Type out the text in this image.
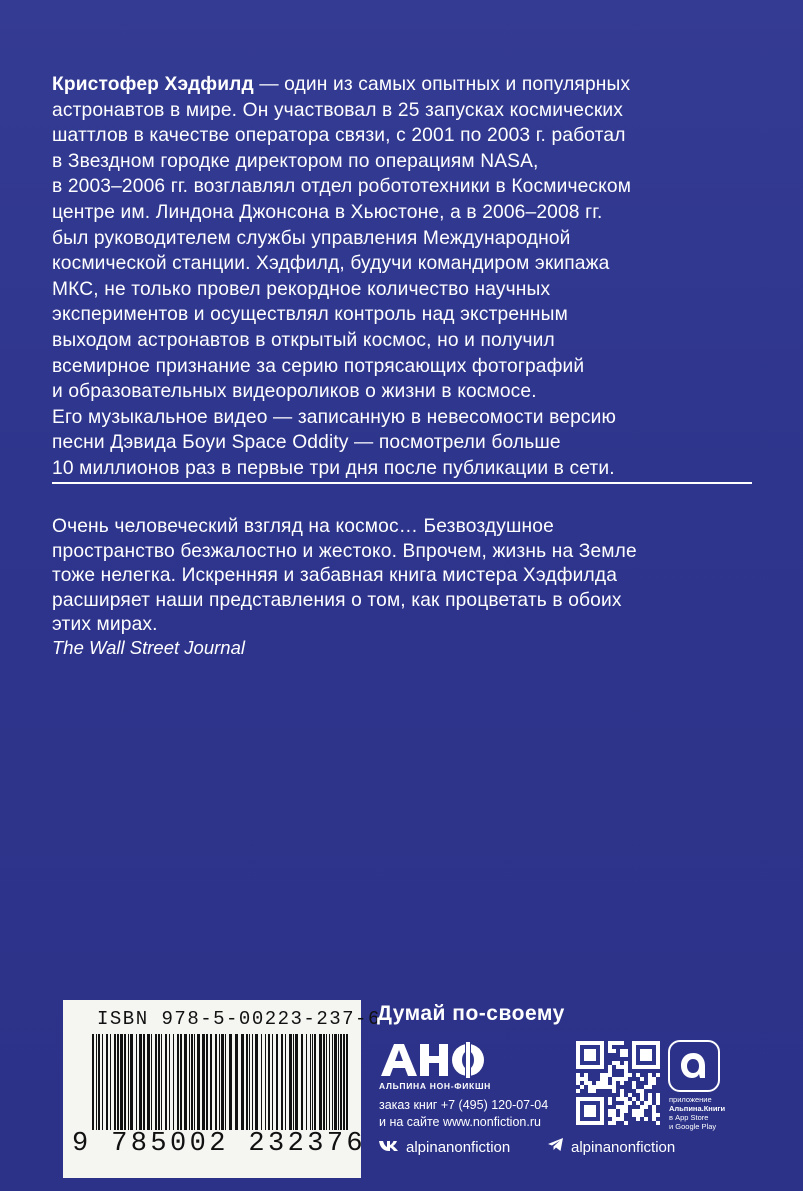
Кристофер Хэдфилд — один из самых опытных и популярных
астронавтов в мире. Он участвовал в 25 запусках космических
шаттлов в качестве оператора связи, с 2001 по 2003 г. работал
в Звездном городке директором по операциям NASA,
в 2003–2006 гг. возглавлял отдел робототехники в Космическом
центре им. Линдона Джонсона в Хьюстоне, а в 2006–2008 гг.
был руководителем службы управления Международной
космической станции. Хэдфилд, будучи командиром экипажа
МКС, не только провел рекордное количество научных
экспериментов и осуществлял контроль над экстренным
выходом астронавтов в открытый космос, но и получил
всемирное признание за серию потрясающих фотографий
и образовательных видеороликов о жизни в космосе.
Его музыкальное видео — записанную в невесомости версию
песни Дэвида Боуи Space Oddity — посмотрели больше
10 миллионов раз в первые три дня после публикации в сети.

Очень человеческий взгляд на космос… Безвоздушное
пространство безжалостно и жестоко. Впрочем, жизнь на Земле
тоже нелегка. Искренняя и забавная книга мистера Хэдфилда
расширяет наши представления о том, как процветать в обоих
этих мирах.

The Wall Street Journal
ISBN 978-5-00223-237-6
9 785002 232376
Думай по-своему
АЛЬПИНА НОН-ФИКШН
заказ книг +7 (495) 120-07-04
и на сайте www.nonfiction.ru
приложение
Альпина.Книги
в App Store
и Google Play
alpinanonfiction	alpinanonfiction
